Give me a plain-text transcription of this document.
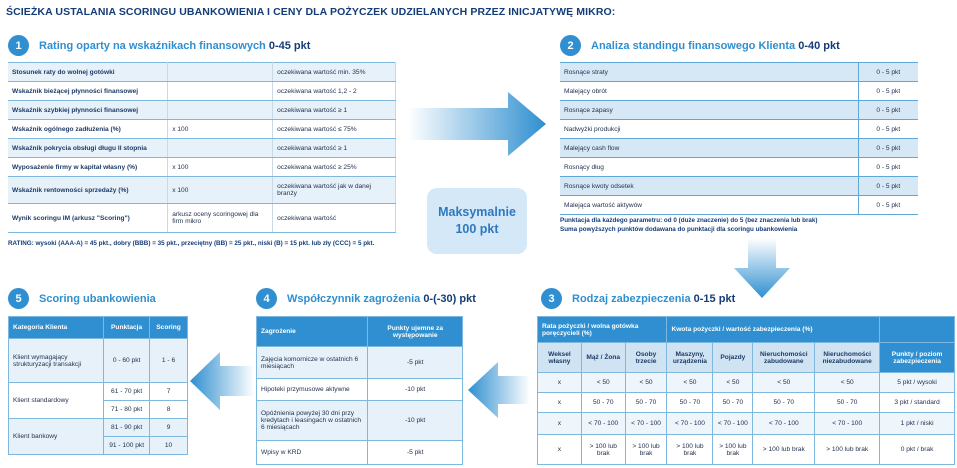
ŚCIEŻKA USTALANIA SCORINGU UBANKOWIENIA I CENY DLA POŻYCZEK UDZIELANYCH PRZEZ INICJATYWĘ MIKRO:
1	Rating oparty na wskaźnikach finansowych 0-45 pkt
Stosunek raty do wolnej gotówki		oczekiwana wartość min. 35%
Wskaźnik bieżącej płynności finansowej		oczekiwana wartość 1,2 - 2
Wskaźnik szybkiej płynności finansowej		oczekiwana wartość ≥ 1
Wskaźnik ogólnego zadłużenia (%)	x 100	oczekiwana wartość ≤ 75%
Wskaźnik pokrycia obsługi długu II stopnia		oczekiwana wartość ≥ 1
Wyposażenie firmy w kapitał własny (%)	x 100	oczekiwana wartość ≥ 25%
Wskaźnik rentowności sprzedaży (%)	x 100	oczekiwana wartość jak w danej branży
Wynik scoringu IM (arkusz "Scoring")	arkusz oceny scoringowej dla firm mikro	oczekiwana wartość
RATING: wysoki (AAA-A) = 45 pkt., dobry (BBB) = 35 pkt., przeciętny (BB) = 25 pkt., niski (B) = 15 pkt. lub zły (CCC) = 5 pkt.
2	Analiza standingu finansowego Klienta 0-40 pkt
Rosnące straty	0 - 5 pkt
Malejący obrót	0 - 5 pkt
Rosnące zapasy	0 - 5 pkt
Nadwyżki produkcji	0 - 5 pkt
Malejący cash flow	0 - 5 pkt
Rosnący dług	0 - 5 pkt
Rosnące kwoty odsetek	0 - 5 pkt
Malejąca wartość aktywów	0 - 5 pkt
Punktacja dla każdego parametru: od 0 (duże znaczenie) do 5 (bez znaczenia lub brak)
Suma powyższych punktów dodawana do punktacji dla scoringu ubankowienia
Maksymalnie
100 pkt
3	Rodzaj zabezpieczenia 0-15 pkt
Rata pożyczki / wolna gotówka poręczycieli (%)			Kwota pożyczki / wartość zabezpieczenia (%)				
Weksel własny	Mąż / Żona	Osoby trzecie	Maszyny, urządzenia	Pojazdy	Nieruchomości zabudowane	Nieruchomości niezabudowane	Punkty / poziom zabezpieczenia
x	< 50	< 50	< 50	< 50	< 50	< 50	5 pkt / wysoki
x	50 - 70	50 - 70	50 - 70	50 - 70	50 - 70	50 - 70	3 pkt / standard
x	< 70 - 100	< 70 - 100	< 70 - 100	< 70 - 100	< 70 - 100	< 70 - 100	1 pkt / niski
x	> 100 lub brak	> 100 lub brak	> 100 lub brak	> 100 lub brak	> 100 lub brak	> 100 lub brak	0 pkt / brak
4	Współczynnik zagrożenia 0-(-30) pkt
Zagrożenie	Punkty ujemne za występowanie
Zajęcia komornicze w ostatnich 6 miesiącach	-5 pkt
Hipoteki przymusowe aktywne	-10 pkt
Opóźnienia powyżej 30 dni przy kredytach i leasingach w ostatnich 6 miesiącach	-10 pkt
Wpisy w KRD	-5 pkt
5	Scoring ubankowienia
Kategoria Klienta	Punktacja	Scoring
Klient wymagający strukturyzacji transakcji	0 - 60 pkt	1 - 6
Klient standardowy	61 - 70 pkt	7
	71 - 80 pkt	8
Klient bankowy	81 - 90 pkt	9
	91 - 100 pkt	10
